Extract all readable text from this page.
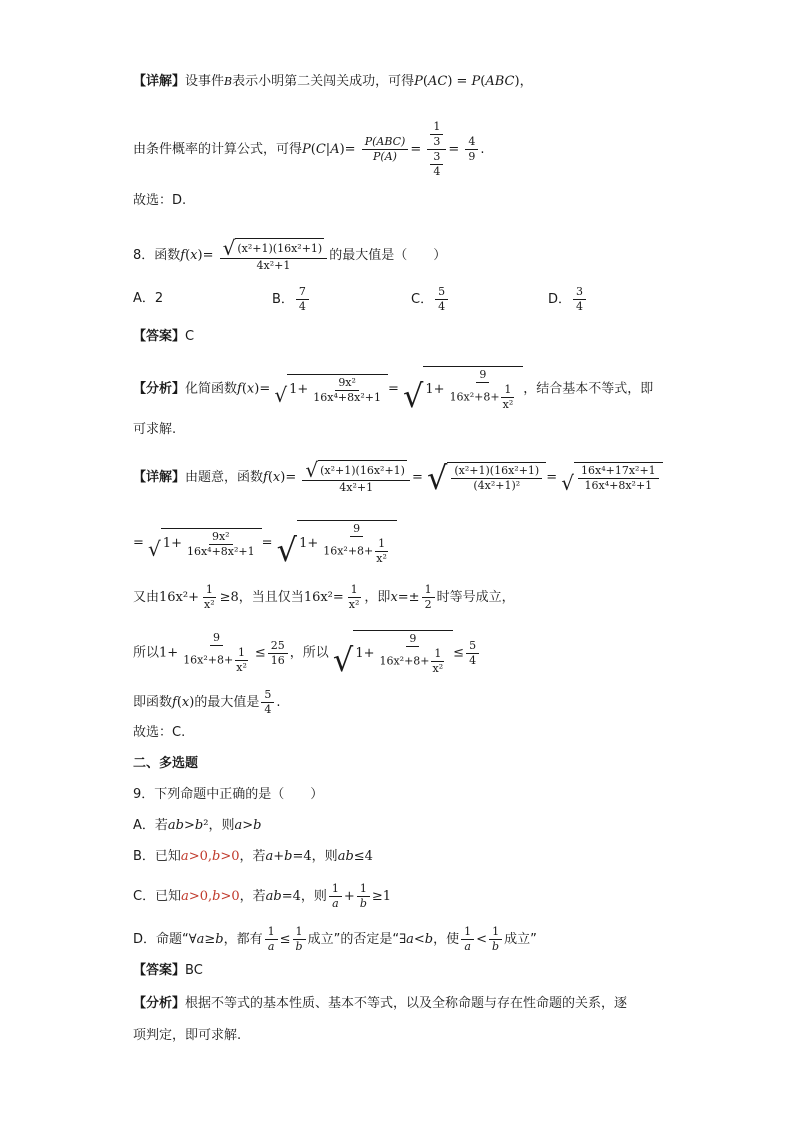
【详解】设事件B表示小明第二关闯关成功，可得P(AC) = P(ABC)，
由条件概率的计算公式，可得$P(C|A)= \frac{\text{P(ABC)}}{P(A)} = \frac{\frac{1}{3}}{\frac{3}{4}} = \frac{4}{9}$ .
故选：D.
8．函数$f(x)= \frac{\text{√ (x²+1)(16x²+1)}}{\text{4x²+1}}$ 的最大值是（　　）
A．2	B． $\frac{7}{4}$	C． $\frac{5}{4}$	D． $\frac{3}{4}$
【答案】C
【分析】化简函数f(x)= √ $1+ \frac{\text{9x²}}{\text{16x⁴+8x²+1}}$ = √ $1+ \frac{9}{16x^2+8+ \frac{1}{\text{x²}}}$ ，结合基本不等式，即
可求解.
【详解】由题意，函数$f(x)= \frac{\text{√ (x²+1)(16x²+1)}}{\text{4x²+1}}$ = √ $\frac{\text{(x²+1)(16x²+1)}}{\text{(4x²+1)²}}$ = √ $\frac{\text{16x⁴+17x²+1}}{\text{16x⁴+8x²+1}}$
= √ $1+ \frac{\text{9x²}}{\text{16x⁴+8x²+1}}$ = √ $1+ \frac{9}{16x^2+8+ \frac{1}{\text{x²}}}$
又由$16x^2+ \frac{1}{\text{x²}} \ge 8$，当且仅当$16x^2= \frac{1}{\text{x²}}$ ，即$x=\pm \frac{1}{2}$ 时等号成立，
所以$1+ \frac{9}{16x^2+8+ \frac{1}{\text{x²}}} \le \frac{25}{16}$ ，所以 √ $1+ \frac{9}{16x^2+8+ \frac{1}{\text{x²}}} \le \frac{5}{4}$
即函数f(x)的最大值是 $\frac{5}{4}$ .
故选：C.
二、多选题
9．下列命题中正确的是（　　）
A．若ab>b²，则a>b
B．已知a>0,b>0，若a+b=4，则ab≤4
C．已知a>0,b>0，若ab=4，则 $\frac{1}{a} + \frac{1}{b} \ge 1$
D．命题“∀a≥b，都有 $\frac{1}{a} \le \frac{1}{b}$ 成立”的否定是“∃a<b，使 $\frac{1}{a} < \frac{1}{b}$ 成立”
【答案】BC
【分析】根据不等式的基本性质、基本不等式，以及全称命题与存在性命题的关系，逐
项判定，即可求解.
